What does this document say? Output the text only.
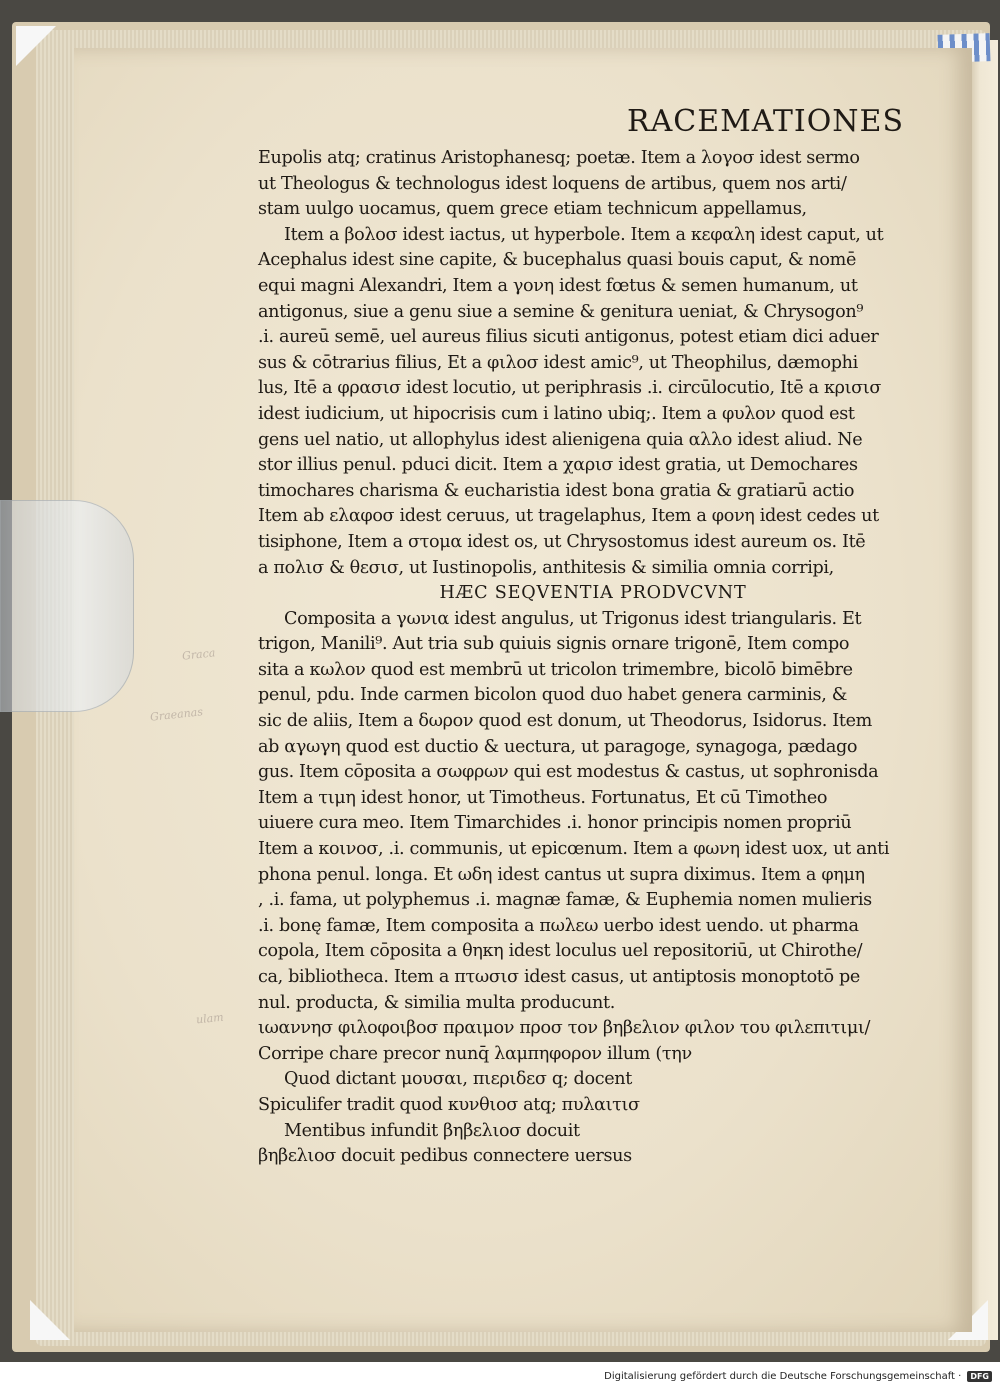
Graca
Graeanas
ulam
RACEMATIONES
Eupolis atq; cratinus Aristophanesq; poetæ. Item a λογοσ idest sermo
ut Theologus & technologus idest loquens de artibus, quem nos arti/
stam uulgo uocamus, quem grece etiam technicum appellamus,
Item a βολοσ idest iactus, ut hyperbole. Item a κεφαλη idest caput, ut
Acephalus idest sine capite, & bucephalus quasi bouis caput, & nomē
equi magni Alexandri, Item a γονη idest fœtus & semen humanum, ut
antigonus, siue a genu siue a semine & genitura ueniat, & Chrysogon⁹
.i. aureū semē, uel aureus filius sicuti antigonus, potest etiam dici aduer
sus & cōtrarius filius, Et a φιλοσ idest amic⁹, ut Theophilus, dæmophi
lus, Itē a φρασισ idest locutio, ut periphrasis .i. circūlocutio, Itē a κρισισ
idest iudicium, ut hipocrisis cum i latino ubiq;. Item a φυλον quod est
gens uel natio, ut allophylus idest alienigena quia αλλο idest aliud. Ne
stor illius penul. pduci dicit. Item a χαρισ idest gratia, ut Demochares
timochares charisma & eucharistia idest bona gratia & gratiarū actio
Item ab ελαφοσ idest ceruus, ut tragelaphus, Item a φονη idest cedes ut
tisiphone, Item a στομα idest os, ut Chrysostomus idest aureum os. Itē
a πολισ & θεσισ, ut Iustinopolis, anthitesis & similia omnia corripi,
HÆC SEQVENTIA PRODVCVNT
Composita a γωνια idest angulus, ut Trigonus idest triangularis. Et
trigon, Manili⁹. Aut tria sub quiuis signis ornare trigonē, Item compo
sita a κωλον quod est membrū ut tricolon trimembre, bicolō bimēbre
penul, pdu. Inde carmen bicolon quod duo habet genera carminis, &
sic de aliis, Item a δωρον quod est donum, ut Theodorus, Isidorus. Item
ab αγωγη quod est ductio & uectura, ut paragoge, synagoga, pædago
gus. Item cōposita a σωφρων qui est modestus & castus, ut sophronisda
Item a τιμη idest honor, ut Timotheus. Fortunatus, Et cū Timotheo
uiuere cura meo. Item Timarchides .i. honor principis nomen propriū
Item a κοινοσ, .i. communis, ut epicœnum. Item a φωνη idest uox, ut anti
phona penul. longa. Et ωδη idest cantus ut supra diximus. Item a φημη
, .i. fama, ut polyphemus .i. magnæ famæ, & Euphemia nomen mulieris
.i. bonę famæ, Item composita a πωλεω uerbo idest uendo. ut pharma
copola, Item cōposita a θηκη idest loculus uel repositoriū, ut Chirothe/
ca, bibliotheca. Item a πτωσισ idest casus, ut antiptosis monoptotō pe
nul. producta, & similia multa producunt.
ιωαννησ φιλοφοιβοσ πραιμον προσ τον βηβελιον φιλον του φιλεπιτιμι/
Corripe chare precor nunq̄ λαμπηφορον illum (την
Quod dictant μουσαι, πιεριδεσ q; docent
Spiculifer tradit quod κυνθιοσ atq; πυλαιτισ
Mentibus infundit βηβελιοσ docuit
βηβελιοσ docuit pedibus connectere uersus
Digitalisierung gefördert durch die Deutsche Forschungsgemeinschaft ·	DFG
